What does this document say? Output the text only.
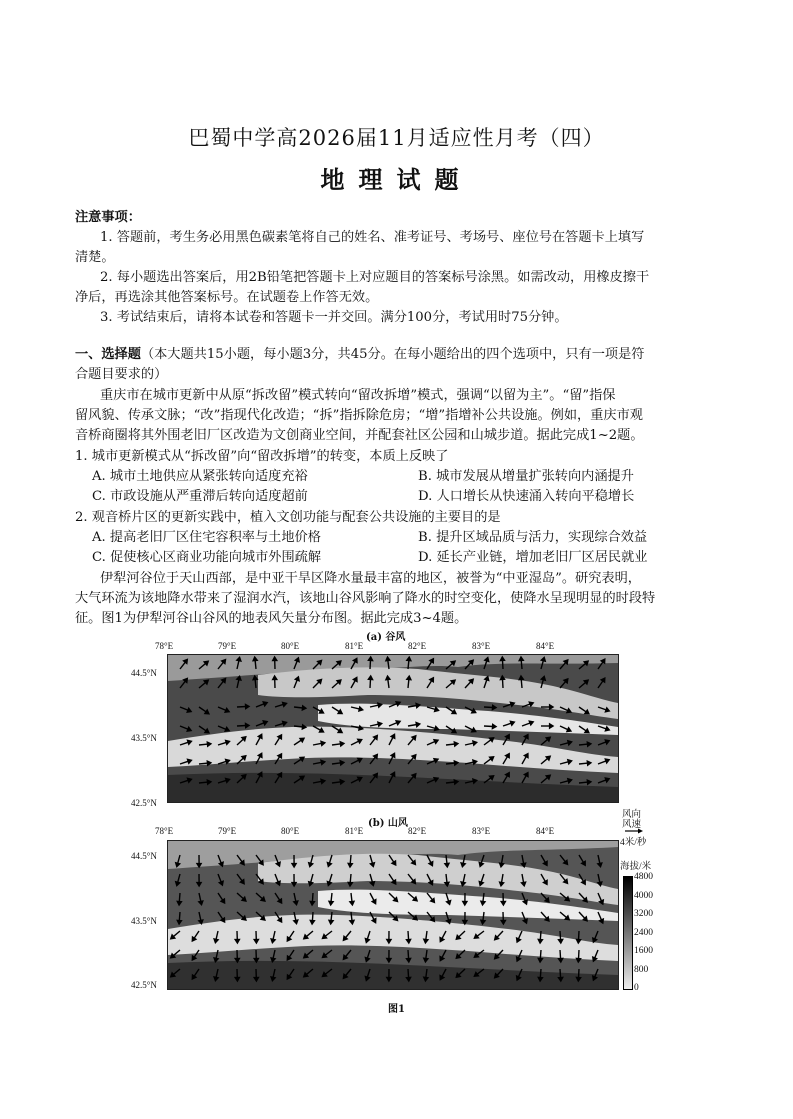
巴蜀中学高2026届11月适应性月考（四）
地理试题
注意事项：
1. 答题前，考生务必用黑色碳素笔将自己的姓名、准考证号、考场号、座位号在答题卡上填写
清楚。
2. 每小题选出答案后，用2B铅笔把答题卡上对应题目的答案标号涂黑。如需改动，用橡皮擦干
净后，再选涂其他答案标号。在试题卷上作答无效。
3. 考试结束后，请将本试卷和答题卡一并交回。满分100分，考试用时75分钟。
一、选择题（本大题共15小题，每小题3分，共45分。在每小题给出的四个选项中，只有一项是符
合题目要求的）
重庆市在城市更新中从原“拆改留”模式转向“留改拆增”模式，强调“以留为主”。“留”指保
留风貌、传承文脉；“改”指现代化改造；“拆”指拆除危房；“增”指增补公共设施。例如，重庆市观
音桥商圈将其外围老旧厂区改造为文创商业空间，并配套社区公园和山城步道。据此完成1~2题。
1. 城市更新模式从“拆改留”向“留改拆增”的转变，本质上反映了
A. 城市土地供应从紧张转向适度充裕	B. 城市发展从增量扩张转向内涵提升
C. 市政设施从严重滞后转向适度超前	D. 人口增长从快速涌入转向平稳增长
2. 观音桥片区的更新实践中，植入文创功能与配套公共设施的主要目的是
A. 提高老旧厂区住宅容积率与土地价格	B. 提升区域品质与活力，实现综合效益
C. 促使核心区商业功能向城市外围疏解	D. 延长产业链，增加老旧厂区居民就业
伊犁河谷位于天山西部，是中亚干旱区降水量最丰富的地区，被誉为“中亚湿岛”。研究表明，
大气环流为该地降水带来了湿润水汽，该地山谷风影响了降水的时空变化，使降水呈现明显的时段特
征。图1为伊犁河谷山谷风的地表风矢量分布图。据此完成3~4题。
(a) 谷风
78°E	79°E	80°E	81°E	82°E	83°E	84°E
78°E	79°E	80°E	81°E	82°E	83°E	84°E
44.5°N
43.5°N
42.5°N
44.5°N
43.5°N
42.5°N
风向
风速
4米/秒
(b) 山风
海拔/米
4800
4000
3200
2400
1600
800
0
图1
